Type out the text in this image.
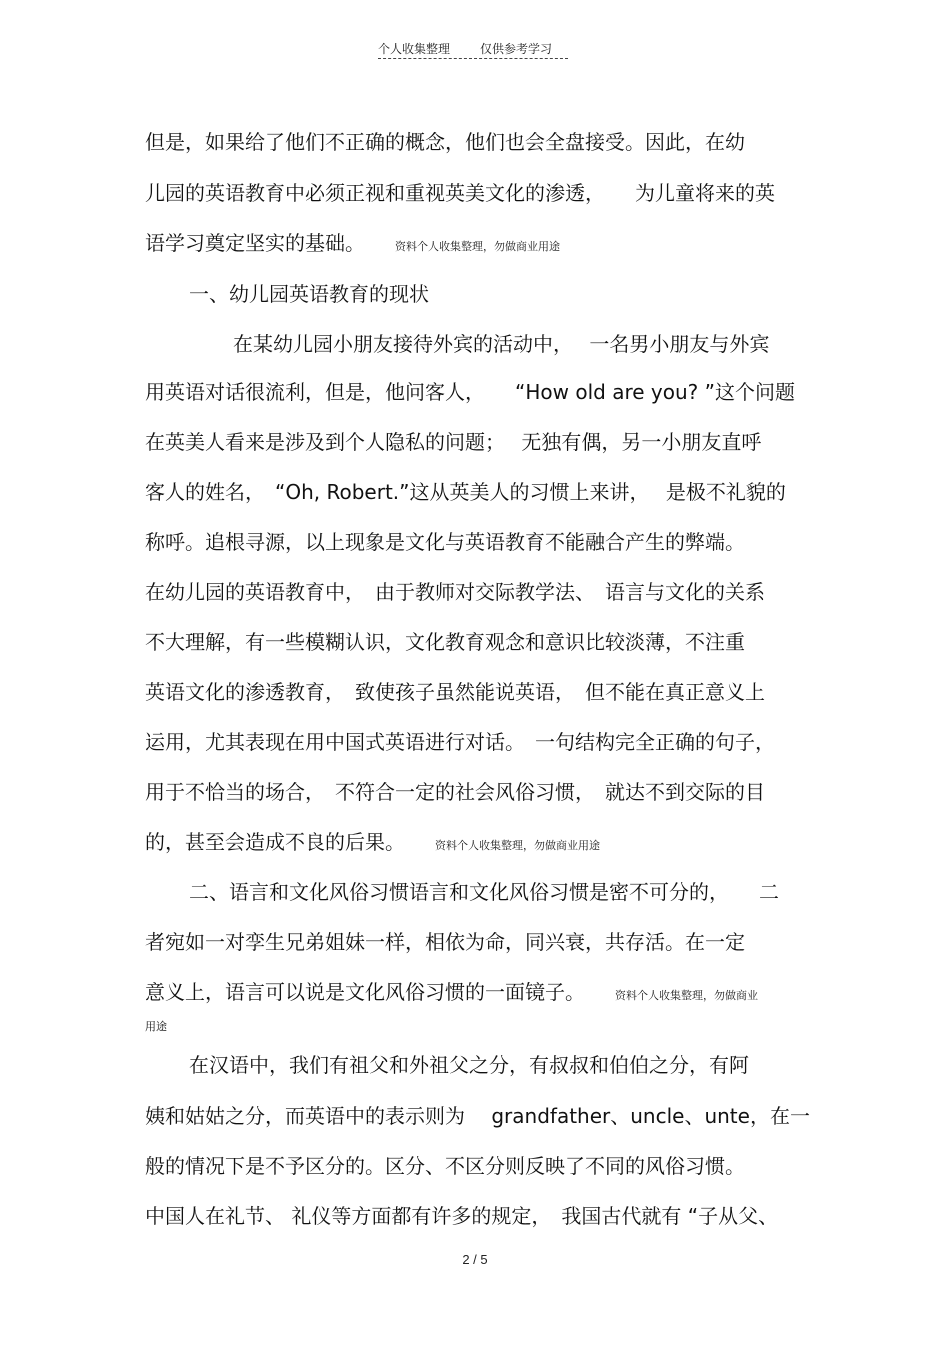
个人收集整理	仅供参考学习
但是，如果给了他们不正确的概念，他们也会全盘接受。因此，在幼
儿园的英语教育中必须正视和重视英美文化的渗透，　　为儿童将来的英
语学习奠定坚实的基础。　　	资料个人收集整理，勿做商业用途
一、幼儿园英语教育的现状
在某幼儿园小朋友接待外宾的活动中，　 一名男小朋友与外宾
用英语对话很流利，但是，他问客人，　　“How old are you? ”这个问题
在英美人看来是涉及到个人隐私的问题；　 无独有偶，另一小朋友直呼
客人的姓名，　“Oh, Robert.”这从英美人的习惯上来讲，　 是极不礼貌的
称呼。追根寻源，以上现象是文化与英语教育不能融合产生的弊端。
在幼儿园的英语教育中，　由于教师对交际教学法、　语言与文化的关系
不大理解，有一些模糊认识，文化教育观念和意识比较淡薄，不注重
英语文化的渗透教育，　致使孩子虽然能说英语，　但不能在真正意义上
运用，尤其表现在用中国式英语进行对话。　一句结构完全正确的句子，
用于不恰当的场合，　不符合一定的社会风俗习惯，　就达不到交际的目
的，甚至会造成不良的后果。　　	资料个人收集整理，勿做商业用途
二、语言和文化风俗习惯语言和文化风俗习惯是密不可分的，　　二
者宛如一对孪生兄弟姐妹一样，相依为命，同兴衰，共存活。在一定
意义上，语言可以说是文化风俗习惯的一面镜子。　　	资料个人收集整理，勿做商业
用途
在汉语中，我们有祖父和外祖父之分，有叔叔和伯伯之分，有阿
姨和姑姑之分，而英语中的表示则为　 grandfather、uncle、unte，在一
般的情况下是不予区分的。区分、不区分则反映了不同的风俗习惯。
中国人在礼节、 礼仪等方面都有许多的规定，　我国古代就有 “子从父、
2 / 5
